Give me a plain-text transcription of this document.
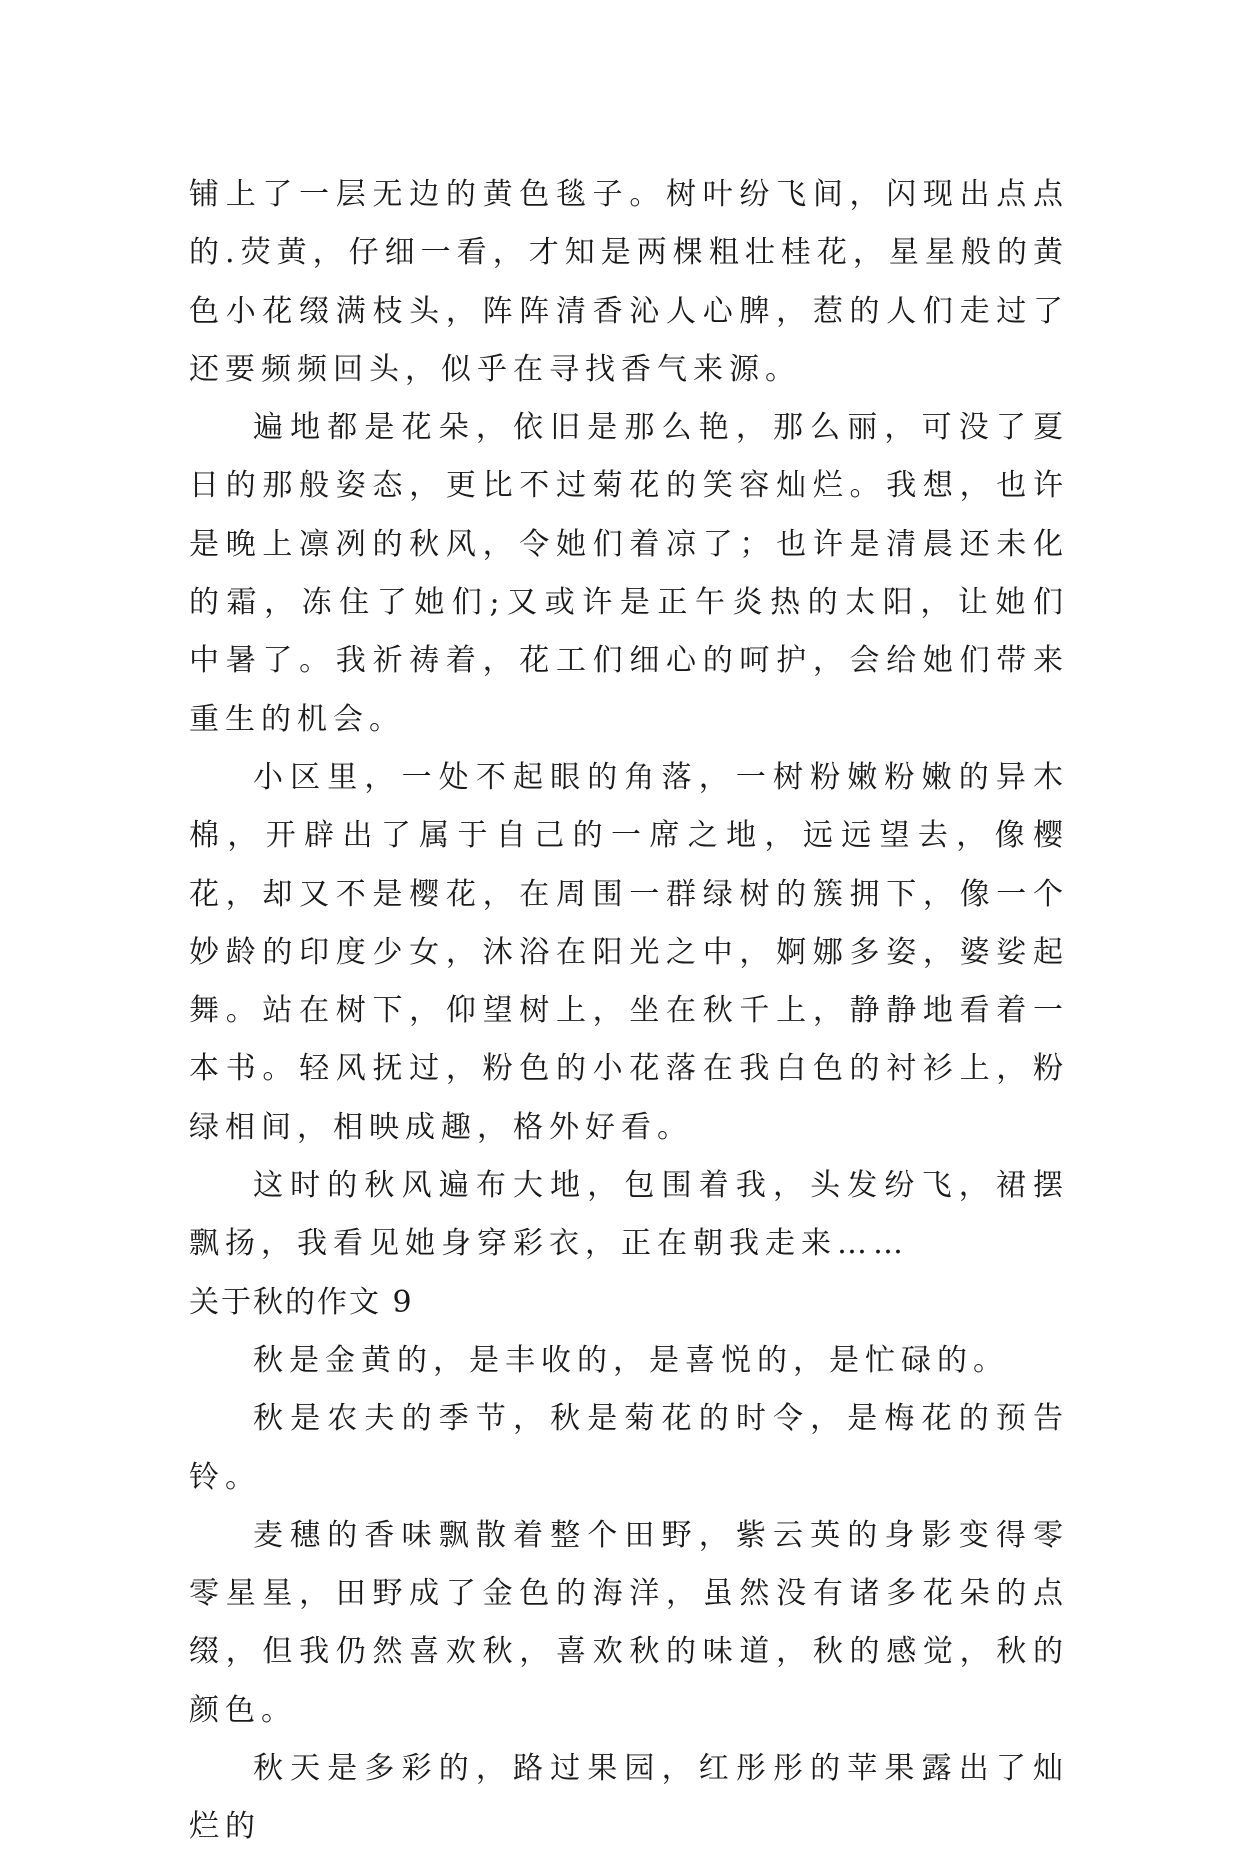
铺上了一层无边的黄色毯子。树叶纷飞间，闪现出点点的.荧黄，仔细一看，才知是两棵粗壮桂花，星星般的黄色小花缀满枝头，阵阵清香沁人心脾，惹的人们走过了还要频频回头，似乎在寻找香气来源。

遍地都是花朵，依旧是那么艳，那么丽，可没了夏日的那般姿态，更比不过菊花的笑容灿烂。我想，也许是晚上凛冽的秋风，令她们着凉了；也许是清晨还未化的霜，冻住了她们;又或许是正午炎热的太阳，让她们中暑了。我祈祷着，花工们细心的呵护，会给她们带来重生的机会。

小区里，一处不起眼的角落，一树粉嫩粉嫩的异木棉，开辟出了属于自己的一席之地，远远望去，像樱花，却又不是樱花，在周围一群绿树的簇拥下，像一个妙龄的印度少女，沐浴在阳光之中，婀娜多姿，婆娑起舞。站在树下，仰望树上，坐在秋千上，静静地看着一本书。轻风抚过，粉色的小花落在我白色的衬衫上，粉绿相间，相映成趣，格外好看。

这时的秋风遍布大地，包围着我，头发纷飞，裙摆飘扬，我看见她身穿彩衣，正在朝我走来……

关于秋的作文 9

秋是金黄的，是丰收的，是喜悦的，是忙碌的。

秋是农夫的季节，秋是菊花的时令，是梅花的预告铃。

麦穗的香味飘散着整个田野，紫云英的身影变得零零星星，田野成了金色的海洋，虽然没有诸多花朵的点缀，但我仍然喜欢秋，喜欢秋的味道，秋的感觉，秋的颜色。

秋天是多彩的，路过果园，红彤彤的苹果露出了灿烂的
